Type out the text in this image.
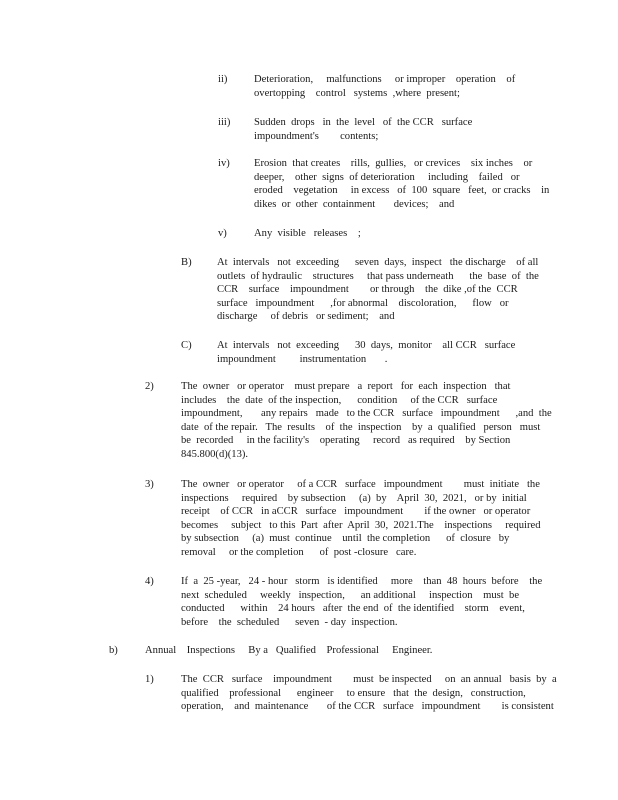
ii)	Deterioration,     malfunctions     or improper    operation    of
overtopping    control   systems  ,where  present;
iii) Sudden  drops   in  the  level   of  the CCR   surface
impoundment's        contents;
iv) Erosion  that creates    rills,  gullies,   or crevices    six inches    or
deeper,    other  signs  of deterioration     including    failed   or
eroded    vegetation     in excess   of  100  square   feet,  or cracks    in
dikes  or  other  containment       devices;    and
v)	Any  visible   releases    ;
B) At  intervals   not  exceeding      seven  days,  inspect   the discharge    of all
outlets  of hydraulic    structures     that pass underneath      the  base  of  the
CCR    surface    impoundment        or through    the  dike ,of the  CCR
surface   impoundment      ,for abnormal    discoloration,      flow   or
discharge     of debris   or sediment;    and
C) At  intervals   not  exceeding      30  days,  monitor    all CCR   surface
impoundment         instrumentation       .
2)	The  owner   or operator    must prepare   a  report   for  each  inspection   that
includes    the  date  of the inspection,      condition     of the CCR   surface
impoundment,       any repairs   made   to the CCR   surface   impoundment      ,and  the
date  of the repair.   The  results    of  the  inspection    by  a  qualified   person   must
be  recorded     in the facility's    operating     record   as required    by Section
845.800(d)(13).
3)	The  owner   or operator     of a CCR   surface   impoundment        must  initiate   the
inspections     required    by subsection     (a)  by    April  30,  2021,   or by  initial
receipt    of CCR   in aCCR   surface   impoundment        if the owner   or operator
becomes     subject   to this  Part  after  April  30,  2021.The    inspections     required
by subsection     (a)  must  continue    until  the completion      of  closure   by
removal     or the completion      of  post -closure   care.
4)	If  a  25 -year,   24 - hour   storm   is identified     more    than  48  hours  before    the
next  scheduled     weekly   inspection,      an additional     inspection    must  be
conducted      within    24 hours   after  the end  of  the identified    storm    event,
before    the  scheduled      seven  - day  inspection.
b)	Annual    Inspections     By a   Qualified    Professional     Engineer.
1)	The  CCR   surface    impoundment        must  be inspected     on  an annual   basis  by  a
qualified    professional      engineer     to ensure   that  the  design,   construction,
operation,    and  maintenance       of the CCR   surface   impoundment        is consistent
